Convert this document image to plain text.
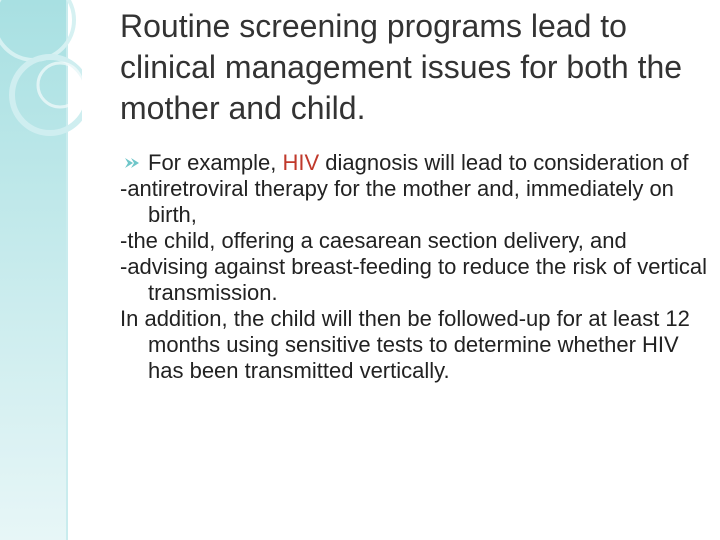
Routine screening programs lead to clinical management issues for both the mother and child.
For example, HIV diagnosis will lead to consideration of
-antiretroviral therapy for the mother and, immediately on birth,
-the child, offering a caesarean section delivery, and
-advising against breast-feeding to reduce the risk of vertical transmission.
In addition, the child will then be followed-up for at least 12 months using sensitive tests to determine whether HIV has been transmitted vertically.
